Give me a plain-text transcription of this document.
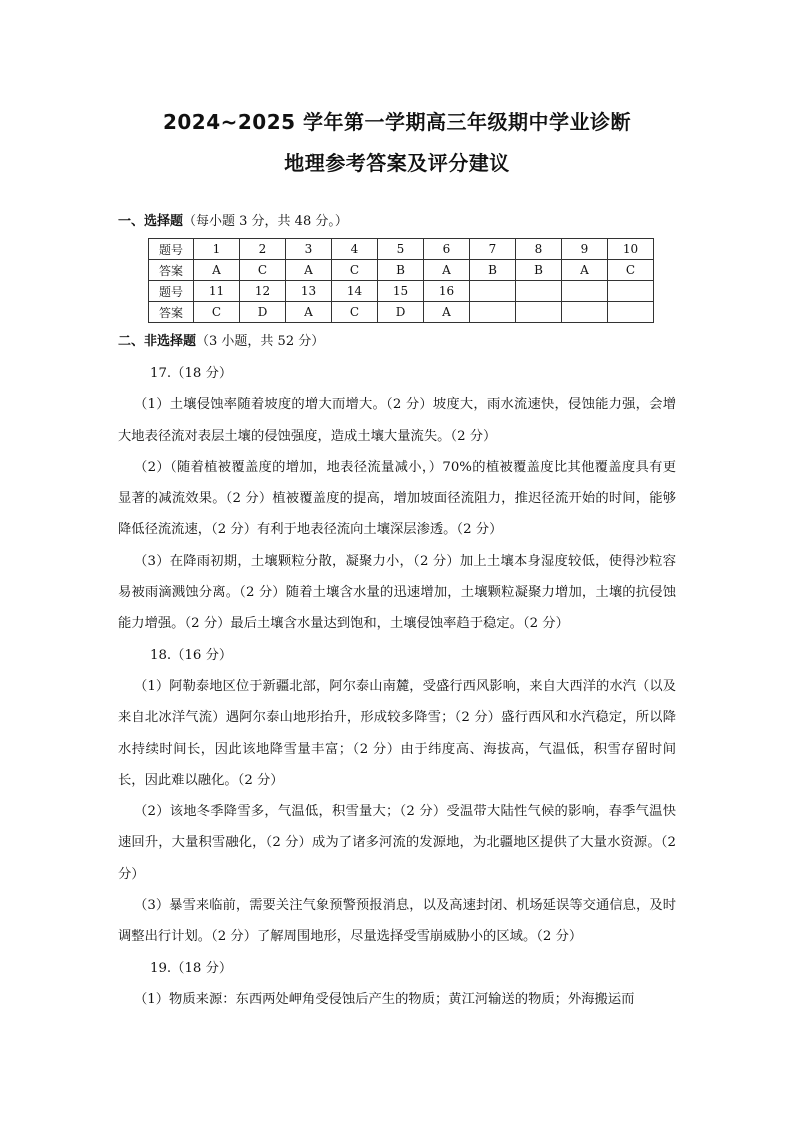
2024~2025 学年第一学期高三年级期中学业诊断
地理参考答案及评分建议
一、选择题（每小题 3 分，共 48 分。）
题号	1	2	3	4	5	6	7	8	9	10
答案	A	C	A	C	B	A	B	B	A	C
题号	11	12	13	14	15	16				
答案	C	D	A	C	D	A				
二、非选择题（3 小题，共 52 分）

17.（18 分）

（1）土壤侵蚀率随着坡度的增大而增大。（2 分）坡度大，雨水流速快，侵蚀能力强，会增大地表径流对表层土壤的侵蚀强度，造成土壤大量流失。（2 分）

（2）（随着植被覆盖度的增加，地表径流量减小，）70%的植被覆盖度比其他覆盖度具有更显著的减流效果。（2 分）植被覆盖度的提高，增加坡面径流阻力，推迟径流开始的时间，能够降低径流流速，（2 分）有利于地表径流向土壤深层渗透。（2 分）

（3）在降雨初期，土壤颗粒分散，凝聚力小，（2 分）加上土壤本身湿度较低，使得沙粒容易被雨滴溅蚀分离。（2 分）随着土壤含水量的迅速增加，土壤颗粒凝聚力增加，土壤的抗侵蚀能力增强。（2 分）最后土壤含水量达到饱和，土壤侵蚀率趋于稳定。（2 分）

18.（16 分）

（1）阿勒泰地区位于新疆北部，阿尔泰山南麓，受盛行西风影响，来自大西洋的水汽（以及来自北冰洋气流）遇阿尔泰山地形抬升，形成较多降雪；（2 分）盛行西风和水汽稳定，所以降水持续时间长，因此该地降雪量丰富；（2 分）由于纬度高、海拔高，气温低，积雪存留时间长，因此难以融化。（2 分）

（2）该地冬季降雪多，气温低，积雪量大；（2 分）受温带大陆性气候的影响，春季气温快速回升，大量积雪融化，（2 分）成为了诸多河流的发源地，为北疆地区提供了大量水资源。（2 分）

（3）暴雪来临前，需要关注气象预警预报消息，以及高速封闭、机场延误等交通信息，及时调整出行计划。（2 分）了解周围地形，尽量选择受雪崩威胁小的区域。（2 分）

19.（18 分）

（1）物质来源：东西两处岬角受侵蚀后产生的物质；黄江河输送的物质；外海搬运而
